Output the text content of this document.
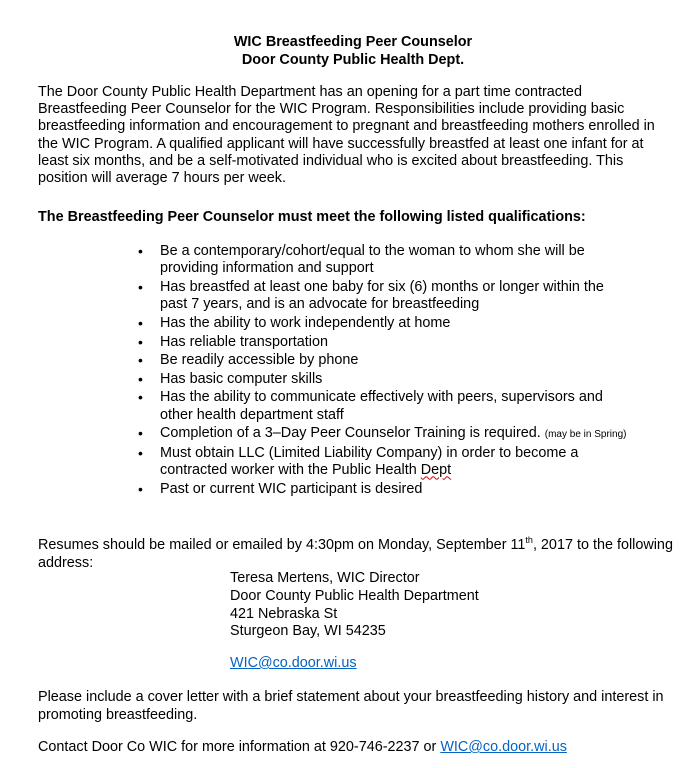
WIC Breastfeeding Peer Counselor
Door County Public Health Dept.

The Door County Public Health Department has an opening for a part time contracted Breastfeeding Peer Counselor for the WIC Program. Responsibilities include providing basic breastfeeding information and encouragement to pregnant and breastfeeding mothers enrolled in the WIC Program. A qualified applicant will have successfully breastfed at least one infant for at least six months, and be a self-motivated individual who is excited about breastfeeding. This position will average 7 hours per week.

The Breastfeeding Peer Counselor must meet the following listed qualifications:
• Be a contemporary/cohort/equal to the woman to whom she will be providing information and support
• Has breastfed at least one baby for six (6) months or longer within the past 7 years, and is an advocate for breastfeeding
• Has the ability to work independently at home
• Has reliable transportation
• Be readily accessible by phone
• Has basic computer skills
• Has the ability to communicate effectively with peers, supervisors and other health department staff
• Completion of a 3–Day Peer Counselor Training is required. (may be in Spring)
• Must obtain LLC (Limited Liability Company) in order to become a contracted worker with the Public Health Dept
• Past or current WIC participant is desired

Resumes should be mailed or emailed by 4:30pm on Monday, September 11th, 2017 to the following address:

Teresa Mertens, WIC Director
Door County Public Health Department
421 Nebraska St
Sturgeon Bay, WI 54235
WIC@co.door.wi.us

Please include a cover letter with a brief statement about your breastfeeding history and interest in promoting breastfeeding.

Contact Door Co WIC for more information at 920-746-2237 or WIC@co.door.wi.us
